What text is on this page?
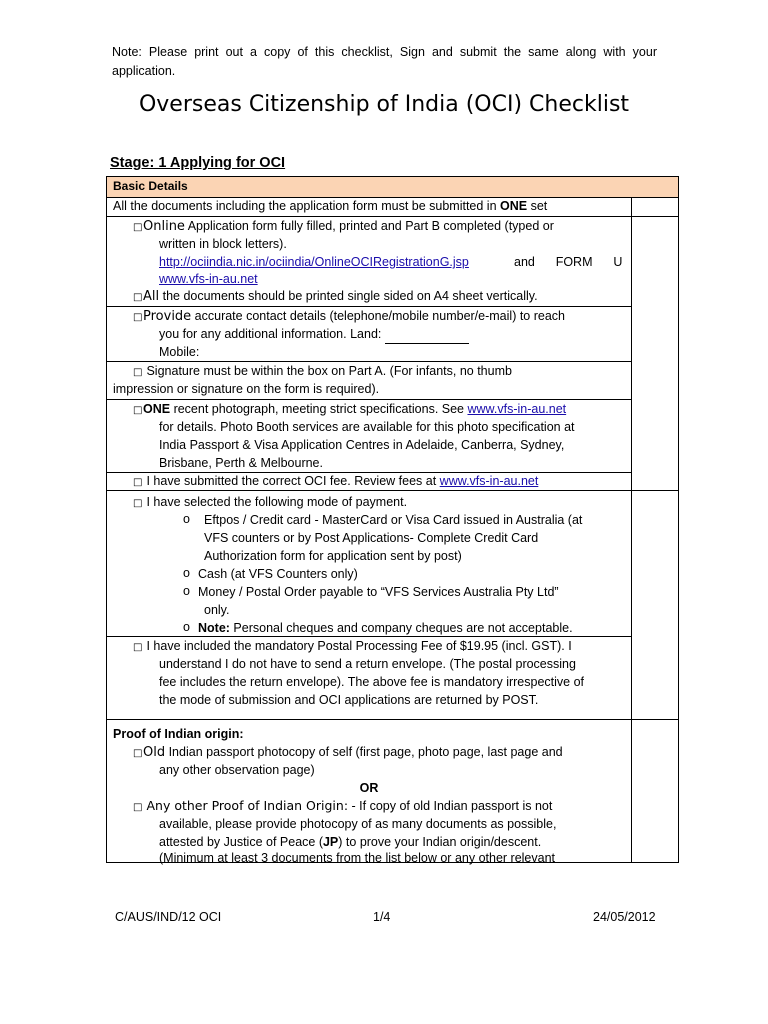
Note: Please print out a copy of this checklist, Sign and submit the same along with your application.
Overseas Citizenship of India (OCI) Checklist
Stage: 1 Applying for OCI
Basic Details
All the documents including the application form must be submitted in ONE set
□Online Application form fully filled, printed and Part B completed (typed or
written in block letters).
http://ociindia.nic.in/ociindia/OnlineOCIRegistrationG.jsp	and      FORM      U
www.vfs-in-au.net
□All the documents should be printed single sided on A4 sheet vertically.
□Provide accurate contact details (telephone/mobile number/e-mail) to reach
you for any additional information. Land:
Mobile:
□ Signature must be within the box on Part A. (For infants, no thumb
impression or signature on the form is required).
□ONE recent photograph, meeting strict specifications. See www.vfs-in-au.net
for details. Photo Booth services are available for this photo specification at
India Passport & Visa Application Centres in Adelaide, Canberra, Sydney,
Brisbane, Perth & Melbourne.
□ I have submitted the correct OCI fee. Review fees at www.vfs-in-au.net
□ I have selected the following mode of payment.
o Eftpos / Credit card - MasterCard or Visa Card issued in Australia (at
VFS counters or by Post Applications- Complete Credit Card
Authorization form for application sent by post)
o Cash (at VFS Counters only)
o Money / Postal Order payable to “VFS Services Australia Pty Ltd”
only.
o Note: Personal cheques and company cheques are not acceptable.
□ I have included the mandatory Postal Processing Fee of $19.95 (incl. GST). I
understand I do not have to send a return envelope. (The postal processing
fee includes the return envelope). The above fee is mandatory irrespective of
the mode of submission and OCI applications are returned by POST.
Proof of Indian origin:
□Old Indian passport photocopy of self (first page, photo page, last page and
any other observation page)
OR
□ Any other Proof of Indian Origin: - If copy of old Indian passport is not
available, please provide photocopy of as many documents as possible,
attested by Justice of Peace (JP) to prove your Indian origin/descent.
(Minimum at least 3 documents from the list below or any other relevant
C/AUS/IND/12 OCI	1/4	24/05/2012
